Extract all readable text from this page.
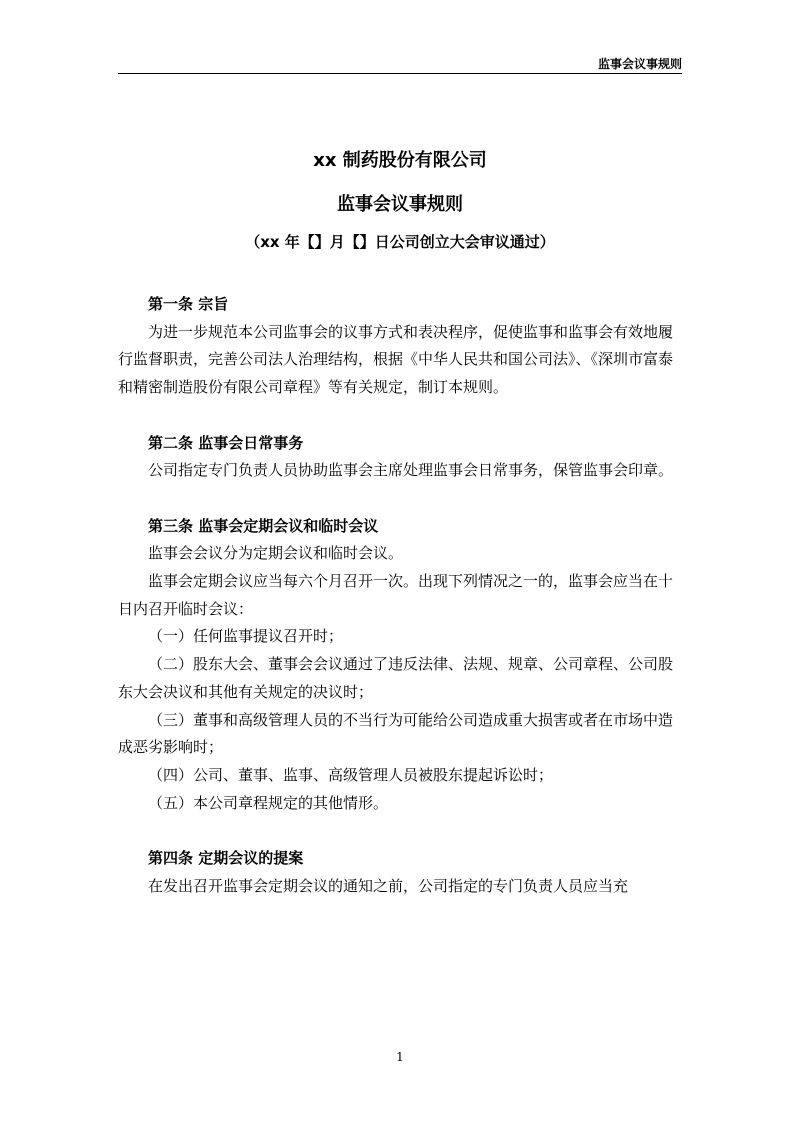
监事会议事规则
xx 制药股份有限公司
监事会议事规则
（xx 年【】月【】日公司创立大会审议通过）

第一条 宗旨

为进一步规范本公司监事会的议事方式和表决程序，促使监事和监事会有效地履行监督职责，完善公司法人治理结构，根据《中华人民共和国公司法》、《深圳市富泰和精密制造股份有限公司章程》等有关规定，制订本规则。

第二条 监事会日常事务

公司指定专门负责人员协助监事会主席处理监事会日常事务，保管监事会印章。

第三条 监事会定期会议和临时会议

监事会会议分为定期会议和临时会议。

监事会定期会议应当每六个月召开一次。出现下列情况之一的，监事会应当在十日内召开临时会议：

（一）任何监事提议召开时；

（二）股东大会、董事会会议通过了违反法律、法规、规章、公司章程、公司股东大会决议和其他有关规定的决议时；

（三）董事和高级管理人员的不当行为可能给公司造成重大损害或者在市场中造成恶劣影响时；

（四）公司、董事、监事、高级管理人员被股东提起诉讼时；

（五）本公司章程规定的其他情形。

第四条 定期会议的提案

在发出召开监事会定期会议的通知之前，公司指定的专门负责人员应当充

1
